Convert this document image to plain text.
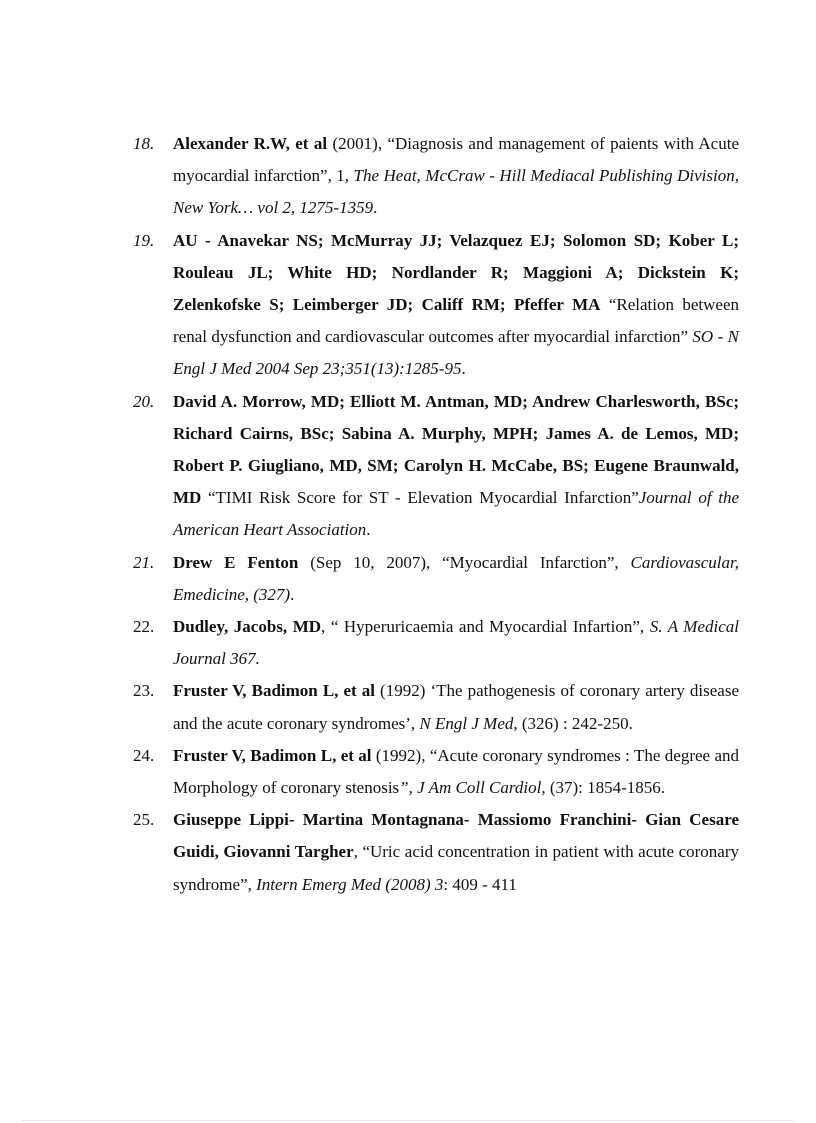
18.	Alexander R.W, et al (2001), “Diagnosis and management of paients with Acute myocardial infarction”, 1, The Heat, McCraw - Hill Mediacal Publishing Division, New York… vol 2, 1275-1359.
19.	AU - Anavekar NS; McMurray JJ; Velazquez EJ; Solomon SD; Kober L; Rouleau JL; White HD; Nordlander R; Maggioni A; Dickstein K; Zelenkofske S; Leimberger JD; Califf RM; Pfeffer MA “Relation between renal dysfunction and cardiovascular outcomes after myocardial infarction” SO - N Engl J Med 2004 Sep 23;351(13):1285-95.
20.	David A. Morrow, MD; Elliott M. Antman, MD; Andrew Charlesworth, BSc; Richard Cairns, BSc; Sabina A. Murphy, MPH; James A. de Lemos, MD; Robert P. Giugliano, MD, SM; Carolyn H. McCabe, BS; Eugene Braunwald, MD “TIMI Risk Score for ST - Elevation Myocardial Infarction”Journal of the American Heart Association.
21.	Drew E Fenton (Sep 10, 2007), “Myocardial Infarction”, Cardiovascular, Emedicine, (327).
22.	Dudley, Jacobs, MD, “ Hyperuricaemia and Myocardial Infartion”, S. A Medical Journal 367.
23.	Fruster V, Badimon L, et al (1992) ‘The pathogenesis of coronary artery disease and the acute coronary syndromes’, N Engl J Med, (326) : 242-250.
24.	Fruster V, Badimon L, et al (1992), “Acute coronary syndromes : The degree and Morphology of coronary stenosis”, J Am Coll Cardiol, (37): 1854-1856.
25.	Giuseppe Lippi- Martina Montagnana- Massiomo Franchini- Gian Cesare Guidi, Giovanni Targher, “Uric acid concentration in patient with acute coronary syndrome”, Intern Emerg Med (2008) 3: 409 - 411
